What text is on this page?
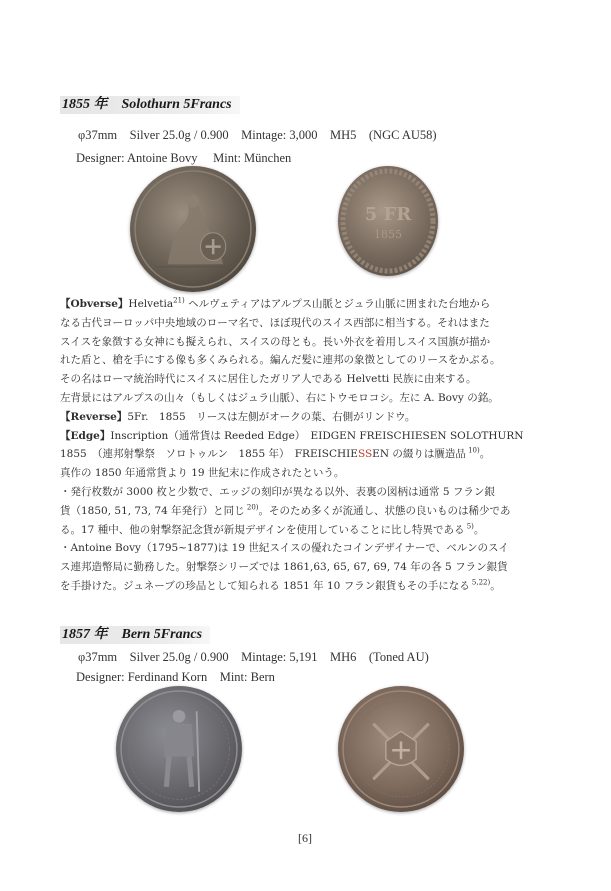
1855 年　Solothurn 5Francs
φ37mm　Silver 25.0g / 0.900　Mintage: 3,000　MH5　(NGC AU58)
Designer: Antoine Bovy　 Mint: München
5 FR
1855
【Obverse】Helvetia$^{21)}$ ヘルヴェティアはアルプス山脈とジュラ山脈に囲まれた台地から
なる古代ヨーロッパ中央地域のローマ名で、ほぼ現代のスイス西部に相当する。それはまた
スイスを象徴する女神にも擬えられ、スイスの母とも。長い外衣を着用しスイス国旗が描か
れた盾と、槍を手にする像も多くみられる。編んだ髪に連邦の象徴としてのリースをかぶる。
その名はローマ統治時代にスイスに居住したガリア人である Helvetti 民族に由来する。
左背景にはアルプスの山々（もしくはジュラ山脈）、右にトウモロコシ。左に A. Bovy の銘。
【Reverse】5Fr.　1855　リースは左側がオークの葉、右側がリンドウ。
【Edge】Inscription（通常貨は Reeded Edge）　EIDGEN FREISCHIESEN SOLOTHURN
1855　（連邦射撃祭　ソロトゥルン　1855 年）　FREISCHIESSEN の綴りは贋造品 $^{10)}$。
真作の 1850 年通常貨より 19 世紀末に作成されたという。
・発行枚数が 3000 枚と少数で、エッジの刻印が異なる以外、表裏の図柄は通常 5 フラン銀
貨（1850, 51, 73, 74 年発行）と同じ $^{20)}$。そのため多くが流通し、状態の良いものは稀少であ
る。17 種中、他の射撃祭記念貨が新規デザインを使用していることに比し特異である $^{5)}$。
・Antoine Bovy（1795~1877)は 19 世紀スイスの優れたコインデザイナーで、ベルンのスイ
ス連邦造幣局に勤務した。射撃祭シリーズでは 1861,63, 65, 67, 69, 74 年の各 5 フラン銀貨
を手掛けた。ジュネーブの珍品として知られる 1851 年 10 フラン銀貨もその手になる $^{5,22)}$。
1857 年　Bern 5Francs
φ37mm　Silver 25.0g / 0.900　Mintage: 5,191　MH6　(Toned AU)
Designer: Ferdinand Korn　Mint: Bern
[6]
